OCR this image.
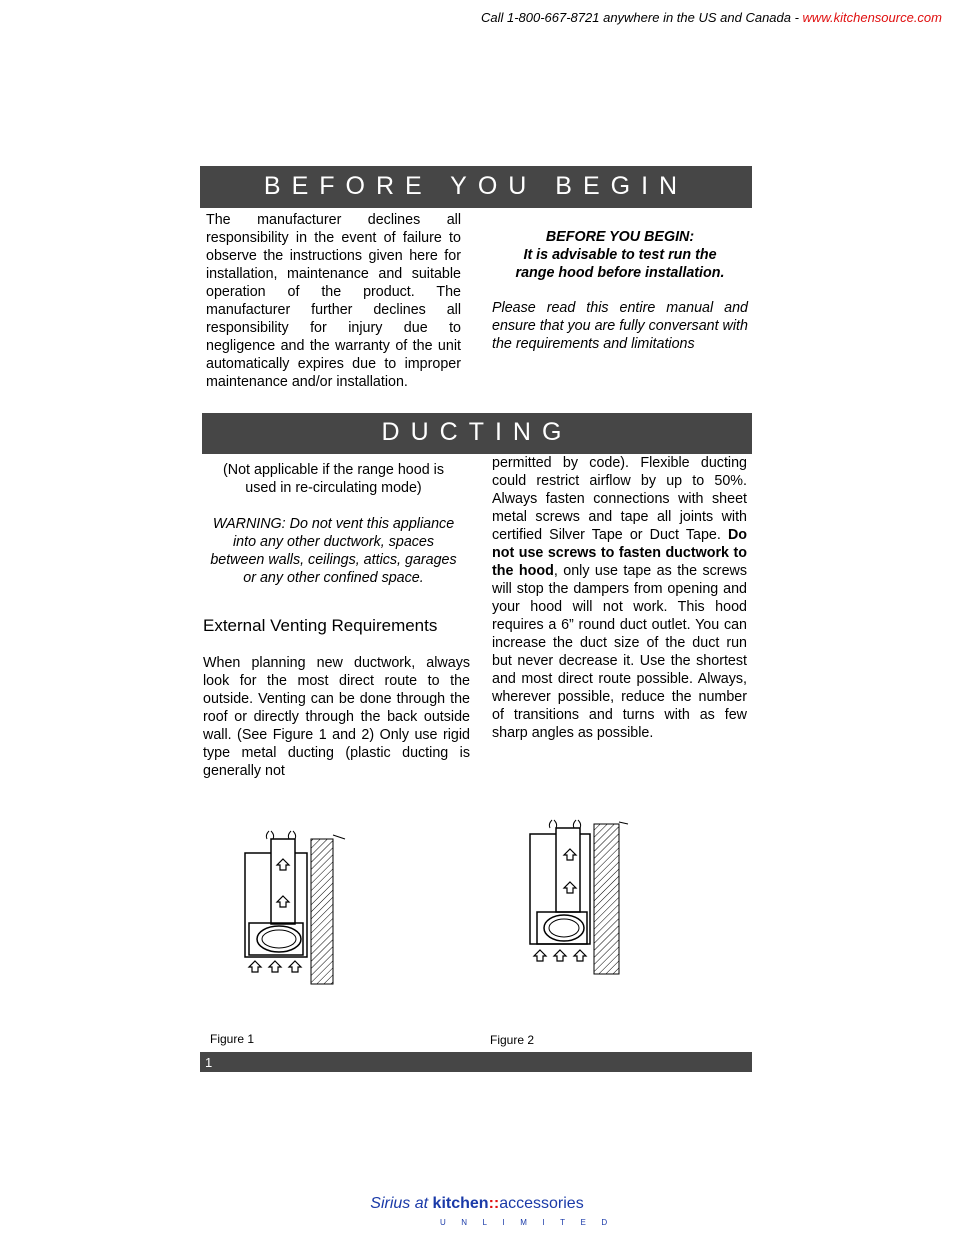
Call 1-800-667-8721 anywhere in the US and Canada - www.kitchensource.com
BEFORE YOU BEGIN
The manufacturer declines all responsibility in the event of failure to observe the instructions given here for installation, maintenance and suitable operation of the product. The manufacturer further declines all responsibility for injury due to negligence and the warranty of the unit automatically expires due to improper maintenance and/or installation.
BEFORE YOU BEGIN:
It is advisable to test run the
range hood before installation.
Please read this entire manual and ensure that you are fully conversant with the requirements and limitations
DUCTING
(Not applicable if the range hood is used in re-circulating mode)
WARNING: Do not vent this appliance into any other ductwork, spaces between walls, ceilings, attics, garages or any other confined space.
External Venting Requirements
When planning new ductwork, always look for the most direct route to the outside. Venting can be done through the roof or directly through the back outside wall. (See Figure 1 and 2) Only use rigid type metal ducting (plastic ducting is generally not
permitted by code). Flexible ducting could restrict airflow by up to 50%. Always fasten connections with sheet metal screws and tape all joints with certified Silver Tape or Duct Tape. Do not use screws to fasten ductwork to the hood, only use tape as the screws will stop the dampers from opening and your hood will not work. This hood requires a 6” round duct outlet. You can increase the duct size of the duct run but never decrease it. Use the shortest and most direct route possible. Always, wherever possible, reduce the number of transitions and turns with as few sharp angles as possible.
Figure 1	Figure 2
1
Sirius at kitchen::accessories
UNLIMITED
